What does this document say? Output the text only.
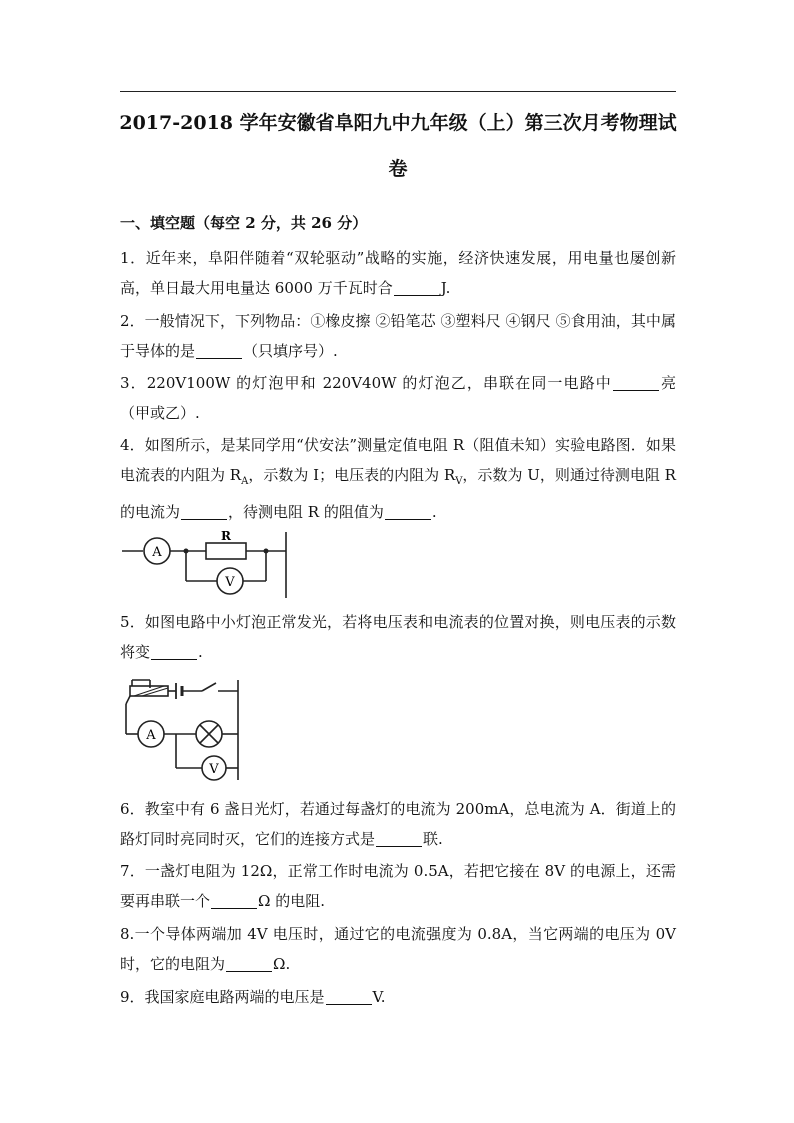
2017-2018 学年安徽省阜阳九中九年级（上）第三次月考物理试卷
一、填空题（每空 2 分，共 26 分）
1．近年来，阜阳伴随着“双轮驱动”战略的实施，经济快速发展，用电量也屡创新高，单日最大用电量达 6000 万千瓦时合	J.
2．一般情况下，下列物品：①橡皮擦 ②铅笔芯 ③塑料尺 ④钢尺 ⑤食用油，其中属于导体的是	（只填序号）.
3．220V100W 的灯泡甲和 220V40W 的灯泡乙，串联在同一电路中	亮（甲或乙）.
4．如图所示，是某同学用“伏安法”测量定值电阻 R（阻值未知）实验电路图．如果电流表的内阻为 $R_A$，示数为 I；电压表的内阻为 $R_V$，示数为 U，则通过待测电阻 R 的电流为	，待测电阻 R 的阻值为	.
A
R
V
5．如图电路中小灯泡正常发光，若将电压表和电流表的位置对换，则电压表的示数将变	.
A
V
6．教室中有 6 盏日光灯，若通过每盏灯的电流为 200mA，总电流为 A．街道上的路灯同时亮同时灭，它们的连接方式是	联.
7．一盏灯电阻为 12Ω，正常工作时电流为 0.5A，若把它接在 8V 的电源上，还需要再串联一个	Ω 的电阻.
8.一个导体两端加 4V 电压时，通过它的电流强度为 0.8A，当它两端的电压为 0V 时，它的电阻为	Ω.
9．我国家庭电路两端的电压是	V.
